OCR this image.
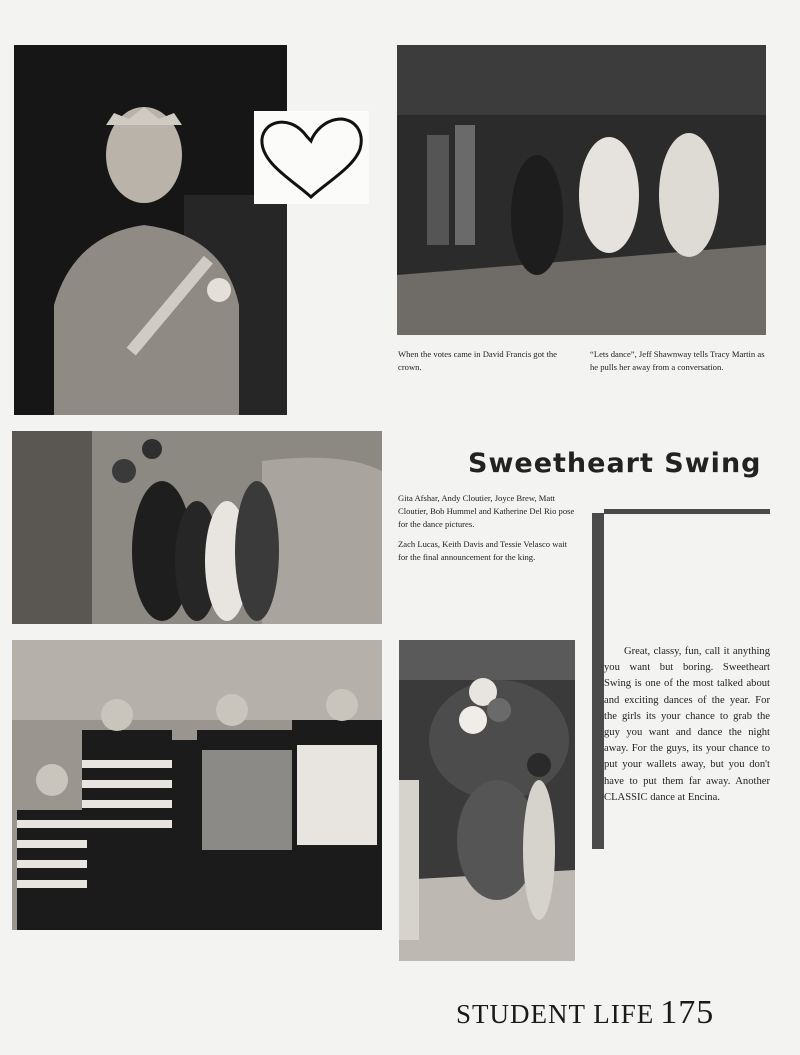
When the votes came in David Francis got the crown.
“Lets dance”, Jeff Shawnway tells Tracy Martin as he pulls her away from a conversation.
Sweetheart Swing

Gita Afshar, Andy Cloutier, Joyce Brew, Matt Cloutier, Bob Hummel and Katherine Del Rio pose for the dance pictures.

Zach Lucas, Keith Davis and Tessie Velasco wait for the final announcement for the king.

Great, classy, fun, call it anything you want but boring. Sweetheart Swing is one of the most talked about and exciting dances of the year. For the girls its your chance to grab the guy you want and dance the night away. For the guys, its your chance to put your wallets away, but you don't have to put them far away. Another CLASSIC dance at Encina.
STUDENT LIFE 175
